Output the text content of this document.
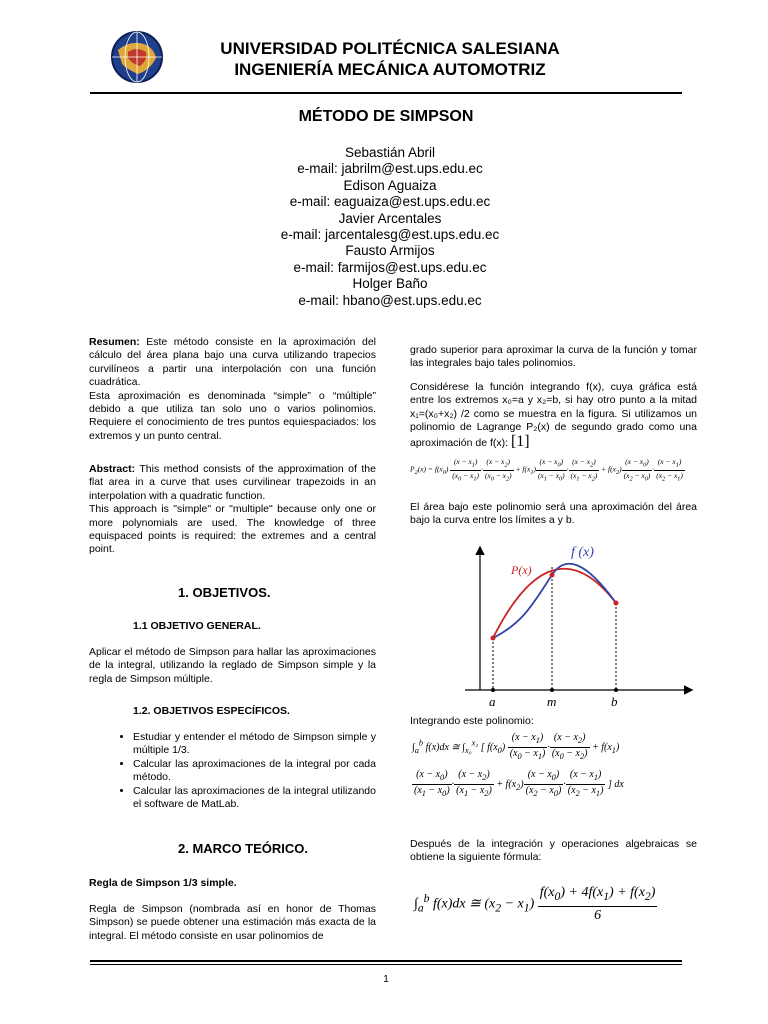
UNIVERSIDAD POLITÉCNICA SALESIANA
INGENIERÍA MECÁNICA AUTOMOTRIZ
MÉTODO DE SIMPSON
Sebastián Abril
e-mail: jabrilm@est.ups.edu.ec
Edison Aguaiza
e-mail: eaguaiza@est.ups.edu.ec
Javier Arcentales
e-mail: jarcentalesg@est.ups.edu.ec
Fausto Armijos
e-mail: farmijos@est.ups.edu.ec
Holger Baño
e-mail: hbano@est.ups.edu.ec
Resumen: Este método consiste en la aproximación del cálculo del área plana bajo una curva utilizando trapecios curvilíneos a partir una interpolación con una función cuadrática.
Esta aproximación es denominada “simple” o “múltiple” debido a que utiliza tan solo uno o varios polinomios. Requiere el conocimiento de tres puntos equiespaciados: los extremos y un punto central.
Abstract: This method consists of the approximation of the flat area in a curve that uses curvilinear trapezoids in an interpolation with a quadratic function.
This approach is "simple" or "multiple" because only one or more polynomials are used. The knowledge of three equispaced points is required: the extremes and a central point.
1. OBJETIVOS.
1.1 OBJETIVO GENERAL.
Aplicar el método de Simpson para hallar las aproximaciones de la integral, utilizando la reglado de Simpson simple y la regla de Simpson múltiple.
1.2. OBJETIVOS ESPECÍFICOS.
• Estudiar y entender el método de Simpson simple y múltiple 1/3.
• Calcular las aproximaciones de la integral por cada método.
• Calcular las aproximaciones de la integral utilizando el software de MatLab.
2. MARCO TEÓRICO.
Regla de Simpson 1/3 simple.
Regla de Simpson (nombrada así en honor de Thomas Simpson) se puede obtener una estimación más exacta de la integral. El método consiste en usar polinomios de
grado superior para aproximar la curva de la función y tomar las integrales bajo tales polinomios.
Considérese la función integrando f(x), cuya gráfica está entre los extremos x₀=a y x₂=b, si hay otro punto a la mitad x₁=(x₀+x₂) /2 como se muestra en la figura. Si utilizamos un polinomio de Lagrange P₂(x) de segundo grado como una aproximación de f(x): [1]
$P_2(x) = f(x_0) \frac{(x - x_1)}{(x_0 - x_1)} \cdot \frac{(x - x_2)}{(x_0 - x_2)} + f(x_1) \frac{(x - x_0)}{(x_1 - x_0)} \cdot \frac{(x - x_2)}{(x_1 - x_2)} + f(x_2) \frac{(x - x_0)}{(x_2 - x_0)} \cdot \frac{(x - x_1)}{(x_2 - x_1)}$
El área bajo este polinomio será una aproximación del área bajo la curva entre los límites a y b.
f (x)
P(x)
a	m	b
Integrando este polinomio:
$\int_a^b$ f(x)dx ≅ $\int_{x_0}^{x_2}$ [ $f(x_0) \frac{(x - x_1)}{(x_0 - x_1)} \cdot \frac{(x - x_2)}{(x_0 - x_2)} + f(x_1)$
$\frac{(x - x_0)}{(x_1 - x_0)} \cdot \frac{(x - x_2)}{(x_1 - x_2)} + f(x_2) \frac{(x - x_0)}{(x_2 - x_0)} \cdot \frac{(x - x_1)}{(x_2 - x_1)}$ ] dx
Después de la integración y operaciones algebraicas se obtiene la siguiente fórmula:
$\int_a^b$ f(x)dx ≅ $(x_2 - x_1) \frac{f(x_0) + 4f(x_1) + f(x_2)}{6}$
1
